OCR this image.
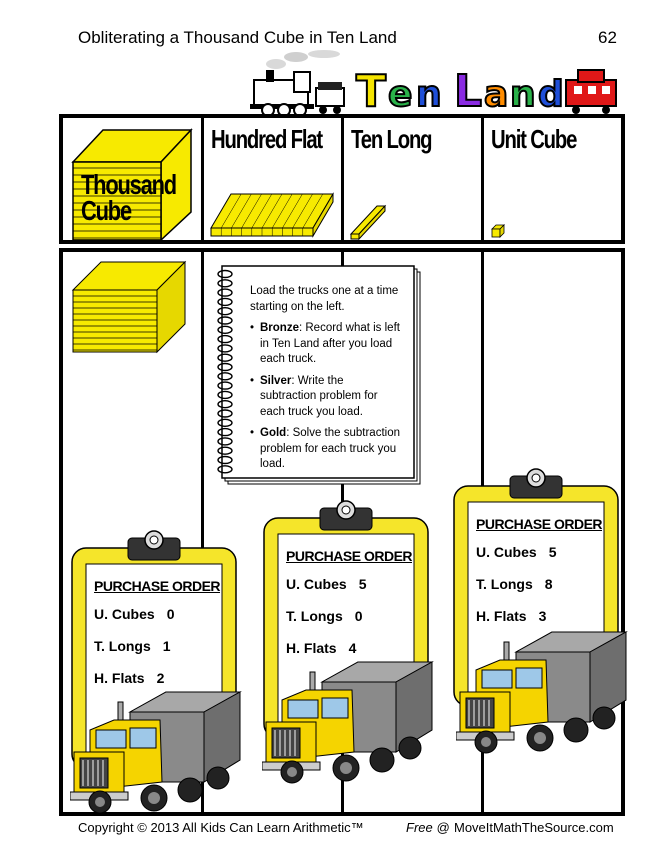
Obliterating a Thousand Cube in Ten Land	62
T e n L a n d
Thousand
Cube
Hundred Flat Ten Long Unit Cube
Load the trucks one at a time starting on the left.
• Bronze: Record what is left in Ten Land after you load each truck.
• Silver: Write the subtraction problem for each truck you load.
• Gold: Solve the subtraction problem for each truck you load.
PURCHASE ORDER
U. Cubes 0
T. Longs 1
H. Flats 2
PURCHASE ORDER
U. Cubes 5
T. Longs 0
H. Flats 4
PURCHASE ORDER
U. Cubes 5
T. Longs 8
H. Flats 3
Copyright © 2013 All Kids Can Learn Arithmetic™	Free @ MoveItMathTheSource.com
